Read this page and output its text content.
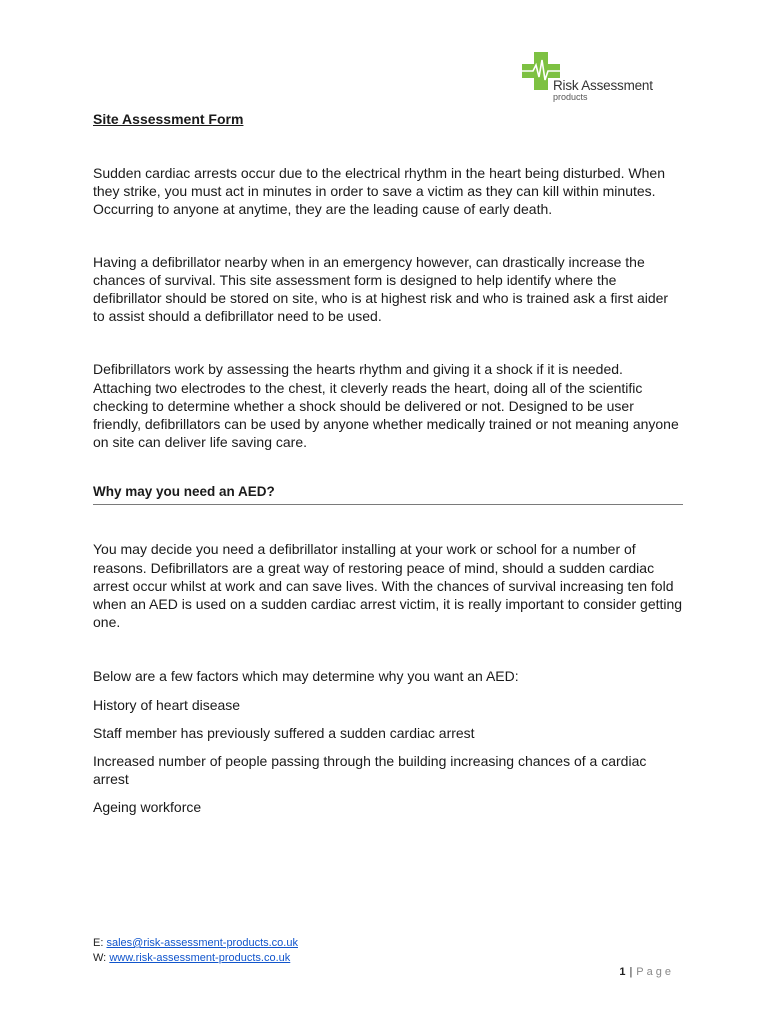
Risk Assessment
products
Site Assessment Form

Sudden cardiac arrests occur due to the electrical rhythm in the heart being disturbed. When they strike, you must act in minutes in order to save a victim as they can kill within minutes. Occurring to anyone at anytime, they are the leading cause of early death.

Having a defibrillator nearby when in an emergency however, can drastically increase the chances of survival. This site assessment form is designed to help identify where the defibrillator should be stored on site, who is at highest risk and who is trained ask a first aider to assist should a defibrillator need to be used.

Defibrillators work by assessing the hearts rhythm and giving it a shock if it is needed. Attaching two electrodes to the chest, it cleverly reads the heart, doing all of the scientific checking to determine whether a shock should be delivered or not. Designed to be user friendly, defibrillators can be used by anyone whether medically trained or not meaning anyone on site can deliver life saving care.

Why may you need an AED?

You may decide you need a defibrillator installing at your work or school for a number of reasons. Defibrillators are a great way of restoring peace of mind, should a sudden cardiac arrest occur whilst at work and can save lives. With the chances of survival increasing ten fold when an AED is used on a sudden cardiac arrest victim, it is really important to consider getting one.

Below are a few factors which may determine why you want an AED:

History of heart disease
Staff member has previously suffered a sudden cardiac arrest
Increased number of people passing through the building increasing chances of a cardiac arrest
Ageing workforce
E: sales@risk-assessment-products.co.uk
W: www.risk-assessment-products.co.uk
1 | Page
